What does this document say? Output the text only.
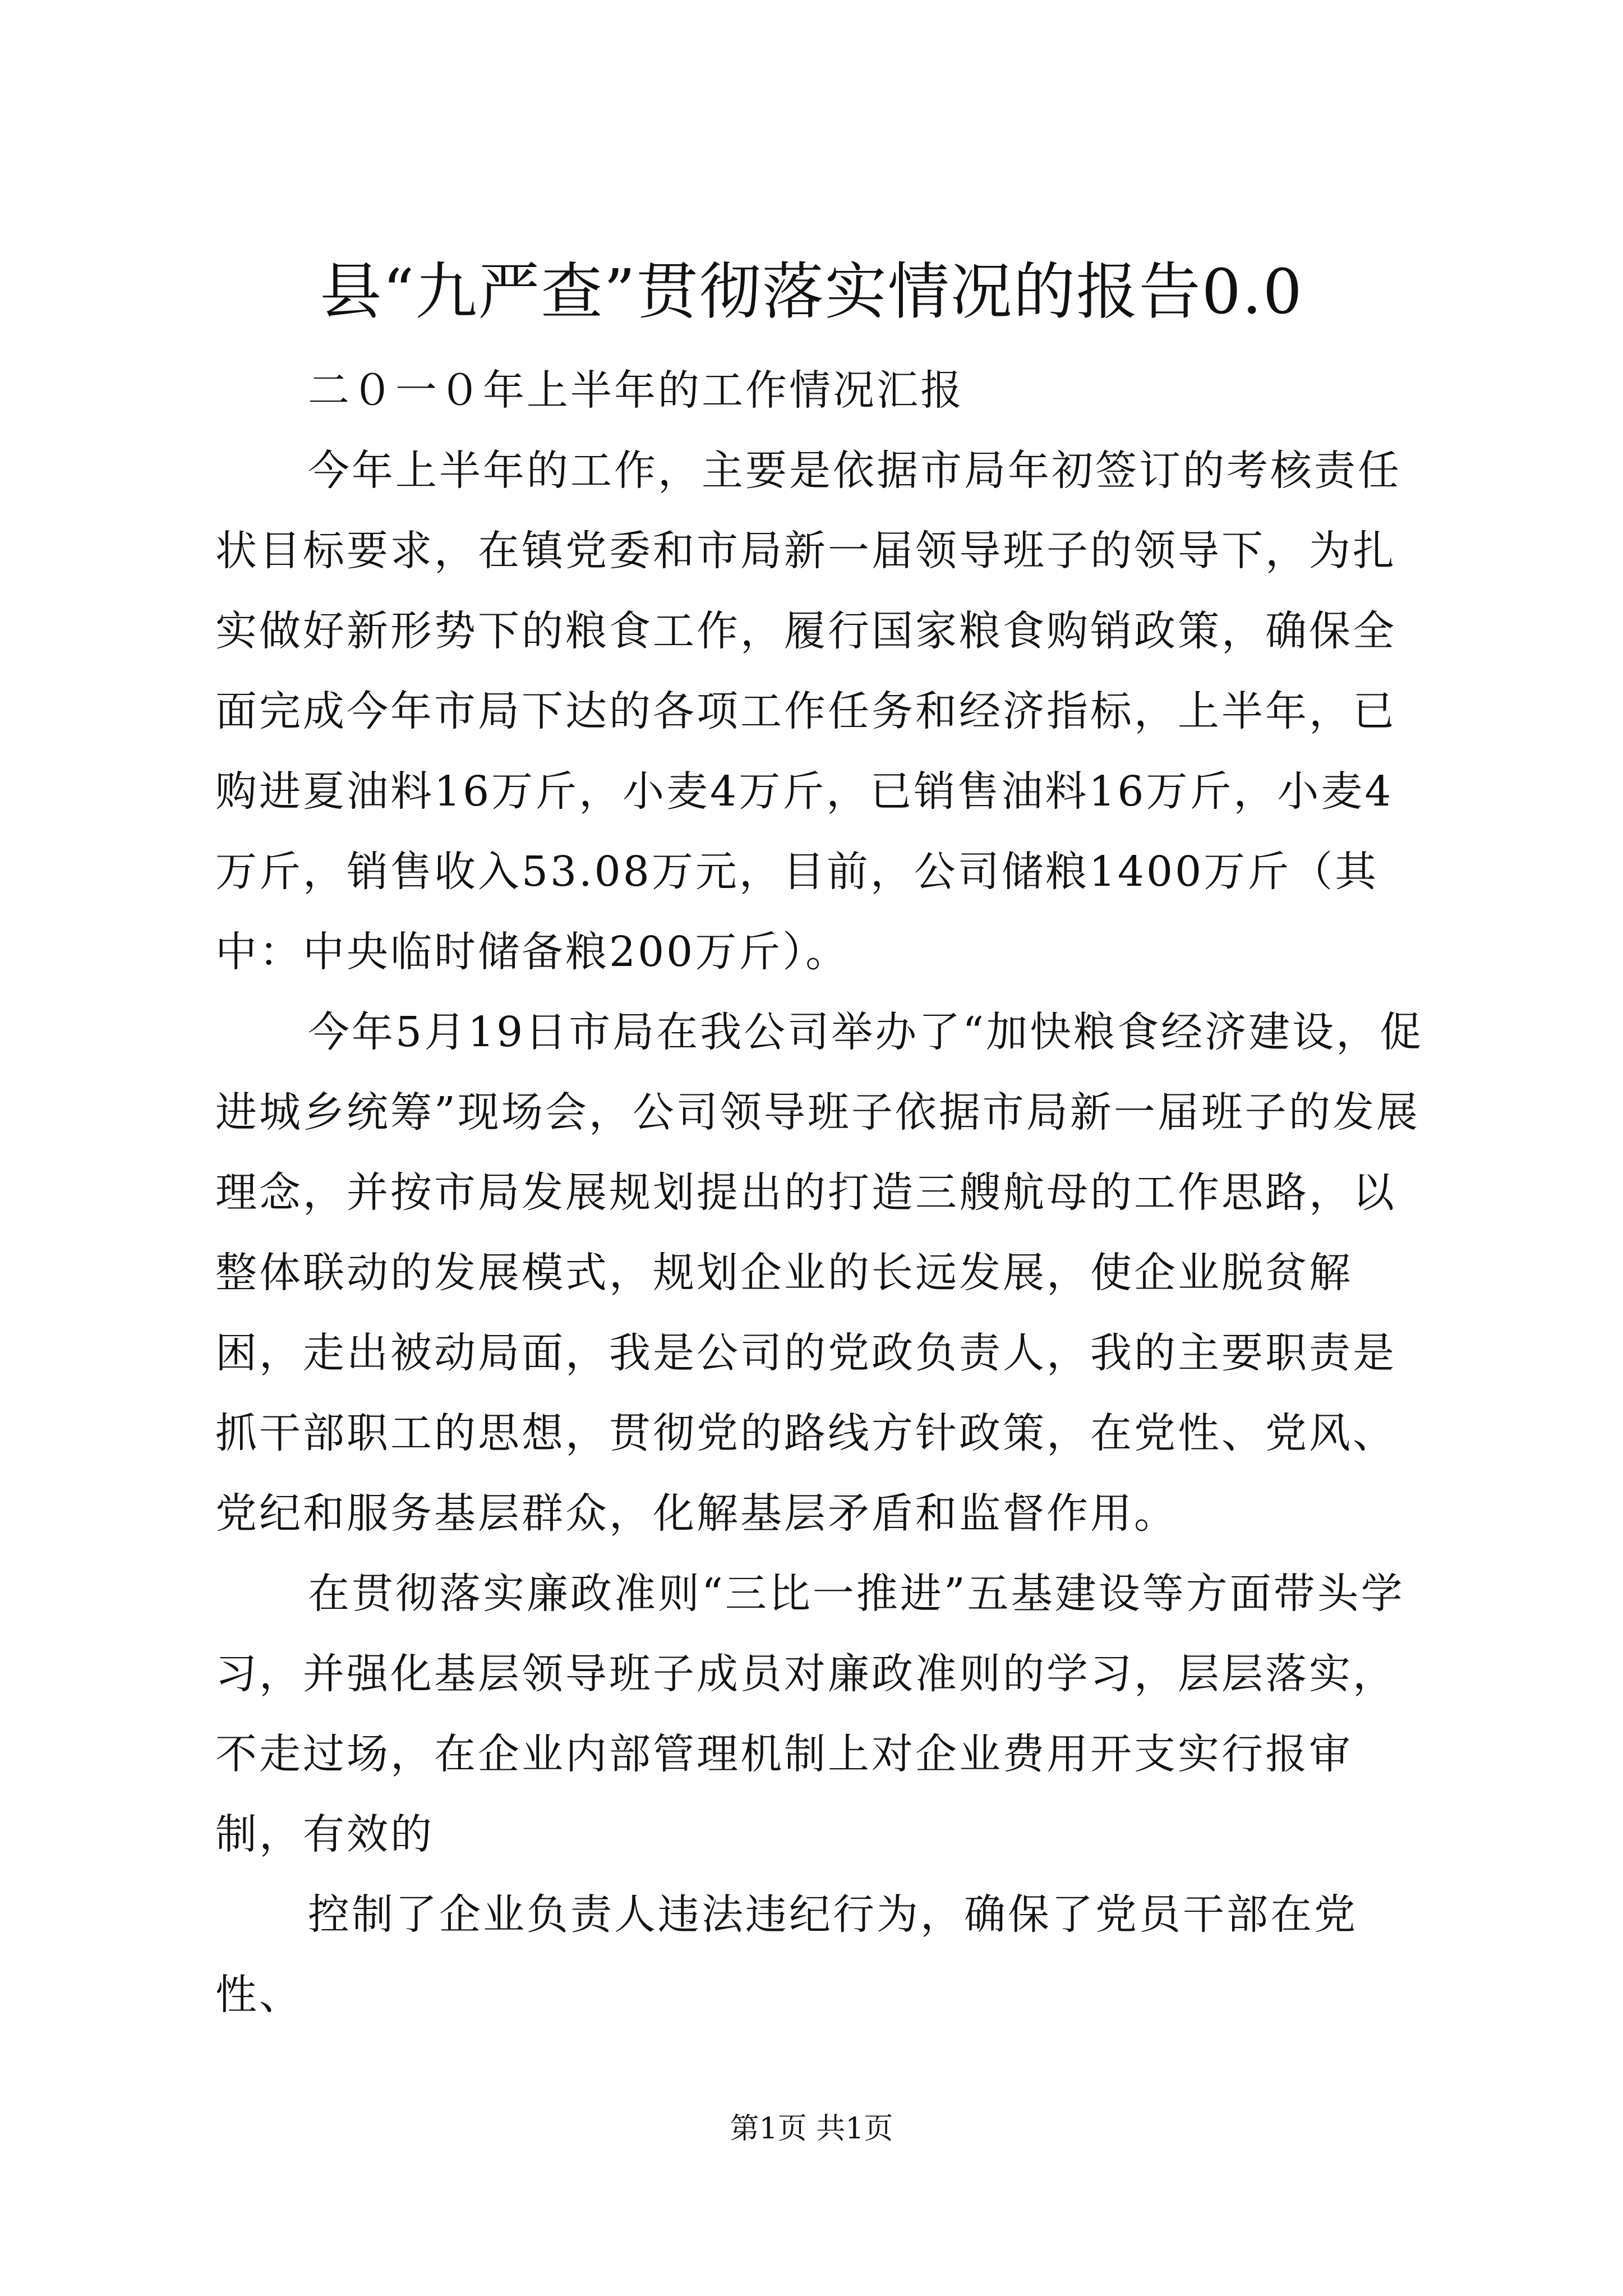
县“九严查”贯彻落实情况的报告0.0

二０一０年上半年的工作情况汇报

今年上半年的工作，主要是依据市局年初签订的考核责任状目标要求，在镇党委和市局新一届领导班子的领导下，为扎实做好新形势下的粮食工作，履行国家粮食购销政策，确保全面完成今年市局下达的各项工作任务和经济指标，上半年，已购进夏油料16万斤，小麦4万斤，已销售油料16万斤，小麦4万斤，销售收入53.08万元，目前，公司储粮1400万斤（其中：中央临时储备粮200万斤）。

今年5月19日市局在我公司举办了“加快粮食经济建设，促进城乡统筹”现场会，公司领导班子依据市局新一届班子的发展理念，并按市局发展规划提出的打造三艘航母的工作思路，以整体联动的发展模式，规划企业的长远发展，使企业脱贫解困，走出被动局面，我是公司的党政负责人，我的主要职责是抓干部职工的思想，贯彻党的路线方针政策，在党性、党风、党纪和服务基层群众，化解基层矛盾和监督作用。

在贯彻落实廉政准则“三比一推进”五基建设等方面带头学习，并强化基层领导班子成员对廉政准则的学习，层层落实，不走过场，在企业内部管理机制上对企业费用开支实行报审制，有效的

控制了企业负责人违法违纪行为，确保了党员干部在党性、

第1页 共1页
